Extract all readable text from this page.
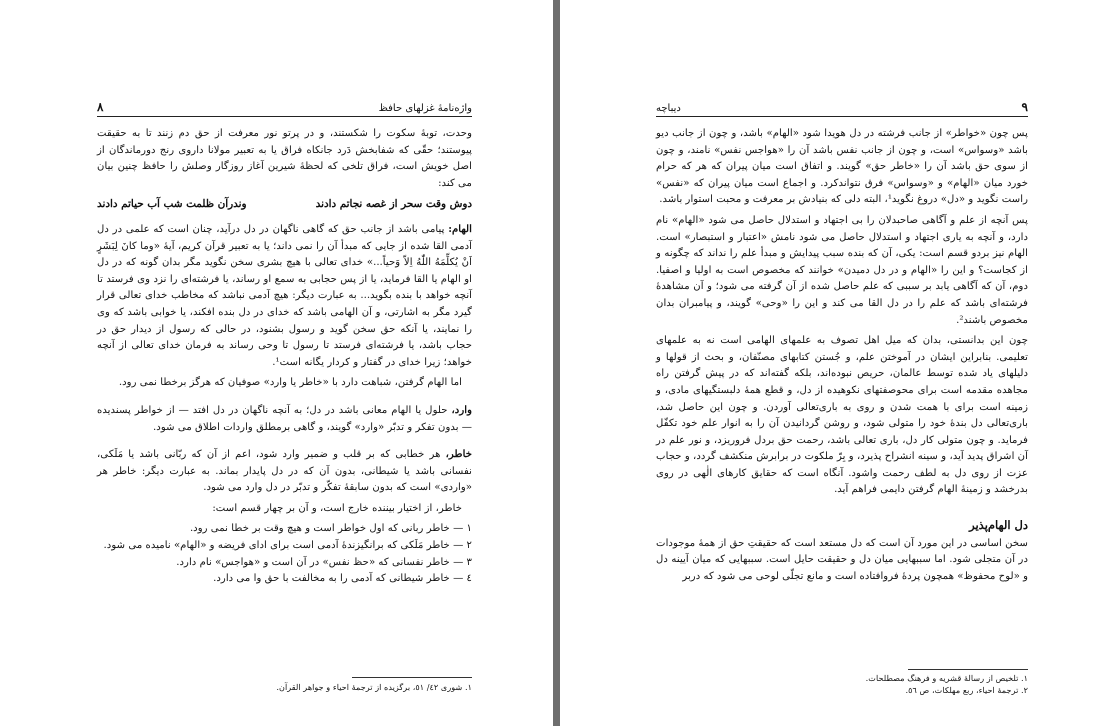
واژه‌نامهٔ غزلهای حافظ
۸

وحدت، توبهٔ سکوت را شکستند، و در پرتو نور معرفت از حق دم زنند تا به حقیقت پیوستند؛ حقّی که شفابخش دَرد جانکاه فراق یا به تعبیر مولانا داروی رنج دورماندگان از اصل خویش است، فراق تلخی که لحظهٔ شیرین آغاز روزگار وصلش را حافظ چنین بیان می کند:

دوش وقت سحر از غصه نجاتم دادند
وندرآن ظلمت شب آب حیاتم دادند

الهام: پیامی باشد از جانب حق که گاهی ناگهان در دل درآید، چنان است که علمی در دل آدمی القا شده از جایی که مبدأ آن را نمی داند؛ یا به تعبیر قرآن کریم، آیهٔ «وما کانَ لِبَشَرٍ اَنْ یُکلِّمَهُ اللّٰهُ اِلاّ وَحیاً...» خدای تعالی با هیچ بشری سخن نگوید مگر بدان گونه که در دل او الهام یا القا فرماید، یا از پس حجابی به سمع او رساند، یا فرشته‌ای را نزد وی فرستد تا آنچه خواهد با بنده بگوید... به عبارت دیگر: هیچ آدمی نباشد که مخاطب خدای تعالی قرار گیرد مگر به اشارتی، و آن الهامی باشد که خدای در دل بنده افکند، یا خوابی باشد که وی را نمایند، یا آنکه حق سخن گوید و رسول بشنود، در حالی که رسول از دیدار حق در حجاب باشد، یا فرشته‌ای فرستد تا رسول تا وحی رساند به فرمان خدای تعالی از آنچه خواهد؛ زیرا خدای در گفتار و کردار یگانه است¹.

اما الهام گرفتن، شباهت دارد با «خاطر یا وارد» صوفیان که هرگز برخطا نمی رود.

وارد، حلول یا الهام معانی باشد در دل؛ به آنچه ناگهان در دل افتد — از خواطر پسندیده — بدون تفکر و تدبّر «وارد» گویند، و گاهی برمطلق واردات اطلاق می شود.

خاطر، هر خطابی که بر قلب و ضمیر وارد شود، اعم از آن که ربّانی باشد یا مَلَکی، نفسانی باشد یا شیطانی، بدون آن که در دل پایدار بماند. به عبارت دیگر: خاطر هر «واردی» است که بدون سابقهٔ تفکّر و تدبّر در دل وارد می شود.

خاطر، از اختیار بیننده خارج است، و آن بر چهار قسم است:

۱ — خاطر ربانی که اول خواطر است و هیچ وقت بر خطا نمی رود.

۲ — خاطر مَلَکی که برانگیزندهٔ آدمی است برای ادای فریضه و «الهام» نامیده می شود.

۳ — خاطر نفسانی که «حظ نفس» در آن است و «هواجس» نام دارد.

٤ — خاطر شیطانی که آدمی را به مخالفت با حق وا می دارد.

۱. شوری ٤٢/ ٥۱، برگزیده از ترجمهٔ احیاء و جواهر القرآن.
۹
دیباچه

پس چون «خواطر» از جانب فرشته در دل هویدا شود «الهام» باشد، و چون از جانب دیو باشد «وسواس» است، و چون از جانب نفس باشد آن را «هواجس نفس» نامند، و چون از سوی حق باشد آن را «خاطر حق» گویند. و اتفاق است میان پیران که هر که حرام خورد میان «الهام» و «وسواس» فرق نتواندکرد. و اجماع است میان پیران که «نفس» راست نگوید و «دل» دروغ نگوید¹، البته دلی که بنیادش بر معرفت و محبت استوار باشد.

پس آنچه از علم و آگاهی صاحبدلان را بی اجتهاد و استدلال حاصل می شود «الهام» نام دارد، و آنچه به یاری اجتهاد و استدلال حاصل می شود نامش «اعتبار و استبصار» است. الهام نیز بردو قسم است: یکی، آن که بنده سبب پیدایش و مبدأ علم را نداند که چگونه و از کجاست؟ و این را «الهام و در دل دمیدن» خوانند که مخصوص است به اولیا و اصفیا. دوم، آن که آگاهی یابد بر سببی که علم حاصل شده از آن گرفته می شود؛ و آن مشاهدهٔ فرشته‌ای باشد که علم را در دل القا می کند و این را «وحی» گویند، و پیامبران بدان مخصوص باشند².

چون این بدانستی، بدان که میل اهل تصوف به علمهای الهامی است نه به علمهای تعلیمی. بنابراین ایشان در آموختن علم، و جُستن کتابهای مصنّفان، و بحث از قولها و دلیلهای یاد شده توسط عالمان، حریص نبوده‌اند، بلکه گفته‌اند که در پیش گرفتن راه مجاهده مقدمه است برای محوصفتهای نکوهیده از دل، و قطع همهٔ دلبستگیهای مادی، و زمینه است برای با همت شدن و روی به باری‌تعالی آوردن. و چون این حاصل شد، باری‌تعالی دل بندهٔ خود را متولی شود، و روشن گردانیدن آن را به انوار علم خود تکفّل فرماید. و چون متولی کار دل، باری تعالی باشد، رحمت حق بردل فروریزد، و نور علم در آن اشراق پدید آید، و سینه انشراح پذیرد، و بِرّ ملکوت در برابرش منکشف گردد، و حجاب عزت از روی دل به لطف رحمت واشود. آنگاه است که حقایق کارهای الٰهی در روی بدرخشد و زمینهٔ الهام گرفتن دایمی فراهم آید.

دل الهام‌پذیر

سخن اساسی در این مورد آن است که دل مستعد است که حقیقتِ حق از همهٔ موجودات در آن متجلی شود. اما سببهایی میان دل و حقیقت حایل است. سببهایی که میان آیینه دل و «لوح محفوظ» همچون پردهٔ فروافتاده است و مانع تجلّی لوحی می شود که دربر

۱. تلخیص از رسالهٔ قشریه و فرهنگ مصطلحات.
۲. ترجمهٔ احیاء، ربع مهلکات، ص ٥٦.
